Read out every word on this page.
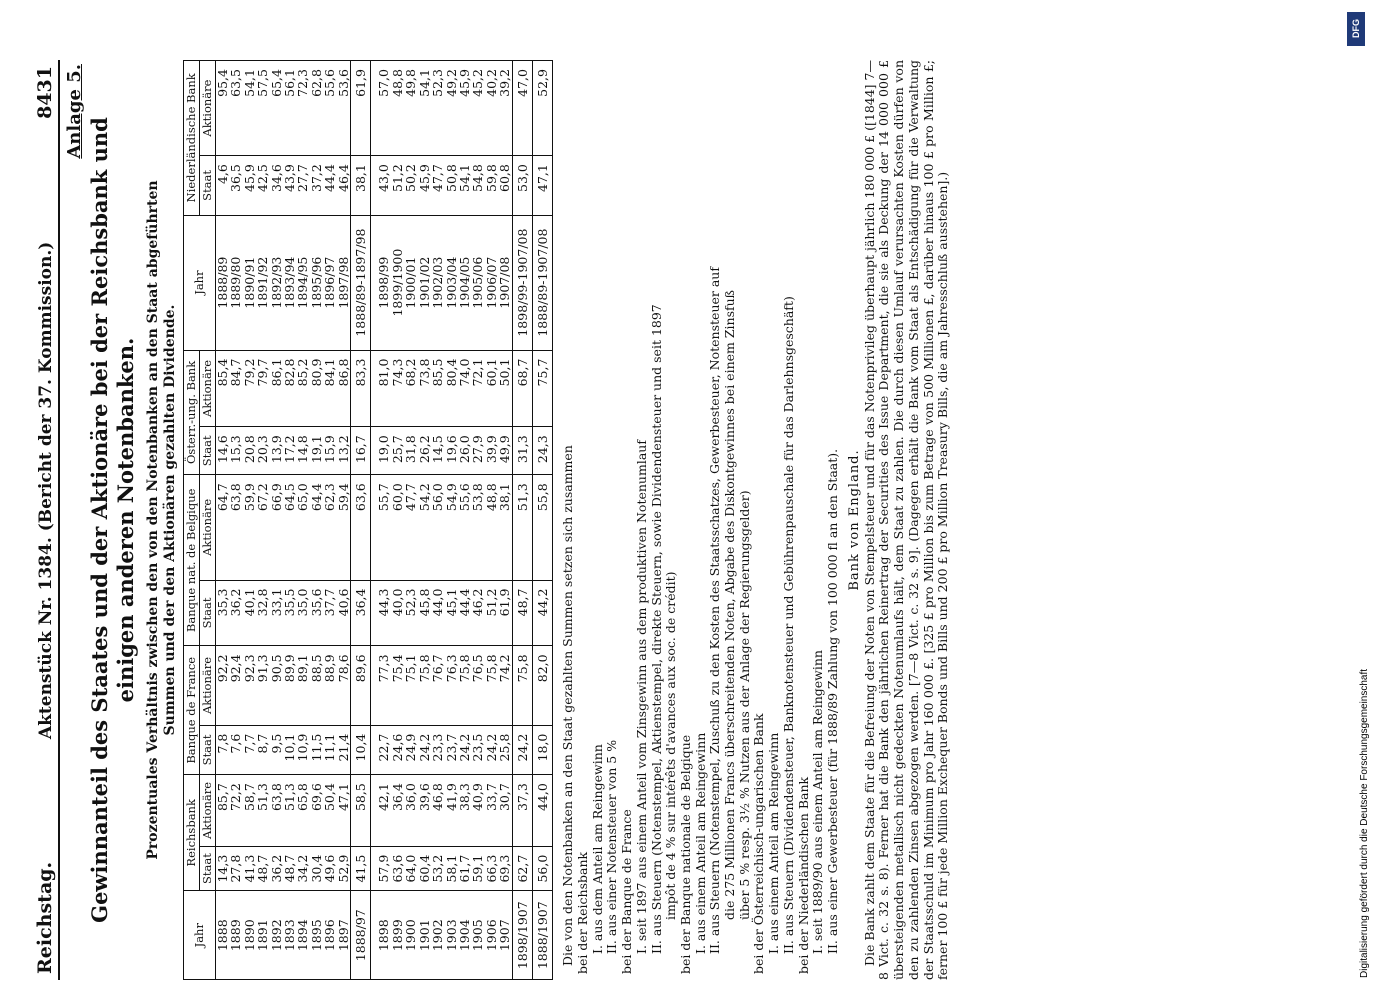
Reichstag.
Aktenstück Nr. 1384. (Bericht der 37. Kommission.)
8431 Anlage 5.
Gewinnanteil des Staates und der Aktionäre bei der Reichsbank und einigen anderen Notenbanken. Prozentuales Verhältnis zwischen den von den Notenbanken an den Staat abgeführten Summen und der den Aktionären gezahlten Dividende.
Jahr	Reichsbank		Banque de France		Banque nat. de Belgique		Österr.-ung. Bank		Jahr	Niederländische Bank	
	Staat	Aktionäre	Staat	Aktionäre	Staat	Aktionäre	Staat	Aktionäre		Staat	Aktionäre
1888	14,3	85,7	7,8	92,2	35,3	64,7	14,6	85,4	1888/89	4,6	95,4
1889	27,8	72,2	7,6	92,4	36,2	63,8	15,3	84,7	1889/80	36,5	63,5
1890	41,3	58,7	7,7	92,3	40,1	59,9	20,8	79,2	1890/91	45,9	54,1
1891	48,7	51,3	8,7	91,3	32,8	67,2	20,3	79,7	1891/92	42,5	57,5
1892	36,2	63,8	9,5	90,5	33,1	66,9	13,9	86,1	1892/93	34,6	65,4
1893	48,7	51,3	10,1	89,9	35,5	64,5	17,2	82,8	1893/94	43,9	56,1
1894	34,2	65,8	10,9	89,1	35,0	65,0	14,8	85,2	1894/95	27,7	72,3
1895	30,4	69,6	11,5	88,5	35,6	64,4	19,1	80,9	1895/96	37,2	62,8
1896	49,6	50,4	11,1	88,9	37,7	62,3	15,9	84,1	1896/97	44,4	55,6
1897	52,9	47,1	21,4	78,6	40,6	59,4	13,2	86,8	1897/98	46,4	53,6
1888/97	41,5	58,5	10,4	89,6	36,4	63,6	16,7	83,3	1888/89-1897/98	38,1	61,9

1898	57,9	42,1	22,7	77,3	44,3	55,7	19,0	81,0	1898/99	43,0	57,0
1899	63,6	36,4	24,6	75,4	40,0	60,0	25,7	74,3	1899/1900	51,2	48,8
1900	64,0	36,0	24,9	75,1	52,3	47,7	31,8	68,2	1900/01	50,2	49,8
1901	60,4	39,6	24,2	75,8	45,8	54,2	26,2	73,8	1901/02	45,9	54,1
1902	53,2	46,8	23,3	76,7	44,0	56,0	14,5	85,5	1902/03	47,7	52,3
1903	58,1	41,9	23,7	76,3	45,1	54,9	19,6	80,4	1903/04	50,8	49,2
1904	61,7	38,3	24,2	75,8	44,4	55,6	26,0	74,0	1904/05	54,1	45,9
1905	59,1	40,9	23,5	76,5	46,2	53,8	27,9	72,1	1905/06	54,8	45,2
1906	66,3	33,7	24,2	75,8	51,2	48,8	39,9	60,1	1906/07	59,8	40,2
1907	69,3	30,7	25,8	74,2	61,9	38,1	49,9	50,1	1907/08	60,8	39,2
1898/1907	62,7	37,3	24,2	75,8	48,7	51,3	31,3	68,7	1898/99-1907/08	53,0	47,0
1888/1907	56,0	44,0	18,0	82,0	44,2	55,8	24,3	75,7	1888/89-1907/08	47,1	52,9
Die von den Notenbanken an den Staat gezahlten Summen setzen sich zusammen bei der Reichsbank I. aus dem Anteil am Reingewinn II. aus einer Notensteuer von 5 % bei der Banque de France I. seit 1897 aus einem Anteil vom Zinsgewinn aus dem produktiven Notenumlauf II. aus Steuern (Notenstempel, Aktienstempel, direkte Steuern, sowie Dividendensteuer und seit 1897 impôt de 4 % sur intérêts d'avances aux soc. de crédit) bei der Banque nationale de Belgique I. aus einem Anteil am Reingewinn II. aus Steuern (Notenstempel, Zuschuß zu den Kosten des Staatsschatzes, Gewerbesteuer, Notensteuer auf die 275 Millionen Francs überschreitenden Noten, Abgabe des Diskontgewinnes bei einem Zinsfuß über 5 % resp. 3½ % Nutzen aus der Anlage der Regierungsgelder) bei der Österreichisch-ungarischen Bank I. aus einem Anteil am Reingewinn II. aus Steuern (Dividendensteuer, Banknotensteuer und Gebührenpauschale für das Darlehnsgeschäft) bei der Niederländischen Bank I. seit 1889/90 aus einem Anteil am Reingewinn II. aus einer Gewerbesteuer (für 1888/89 Zahlung von 100 000 fl an den Staat). Bank von England. Die Bank zahlt dem Staate für die Befreiung der Noten von Stempelsteuer und für das Notenprivileg überhaupt jährlich 180 000 £ ([1844] 7—8 Vict. c. 32 s. 8). Ferner hat die Bank den jährlichen Reinertrag der Securities des Issue Department, die sie als Deckung der 14 000 000 £ übersteigenden metallisch nicht gedeckten Notenumlaufs hält, dem Staat zu zahlen. Die durch diesen Umlauf verursachten Kosten dürfen von den zu zahlenden Zinsen abgezogen werden. [7—8 Vict. c. 32 s. 9]. (Dagegen erhält die Bank vom Staat als Entschädigung für die Verwaltung der Staatsschuld im Minimum pro Jahr 160 000 £. [325 £ pro Million bis zum Betrage von 500 Millionen £, darüber hinaus 100 £ pro Million £; ferner 100 £ für jede Million Exchequer Bonds und Bills und 200 £ pro Million Treasury Bills, die am Jahresschluß ausstehen].)

DFG
Digitalisierung gefördert durch die Deutsche Forschungsgemeinschaft
